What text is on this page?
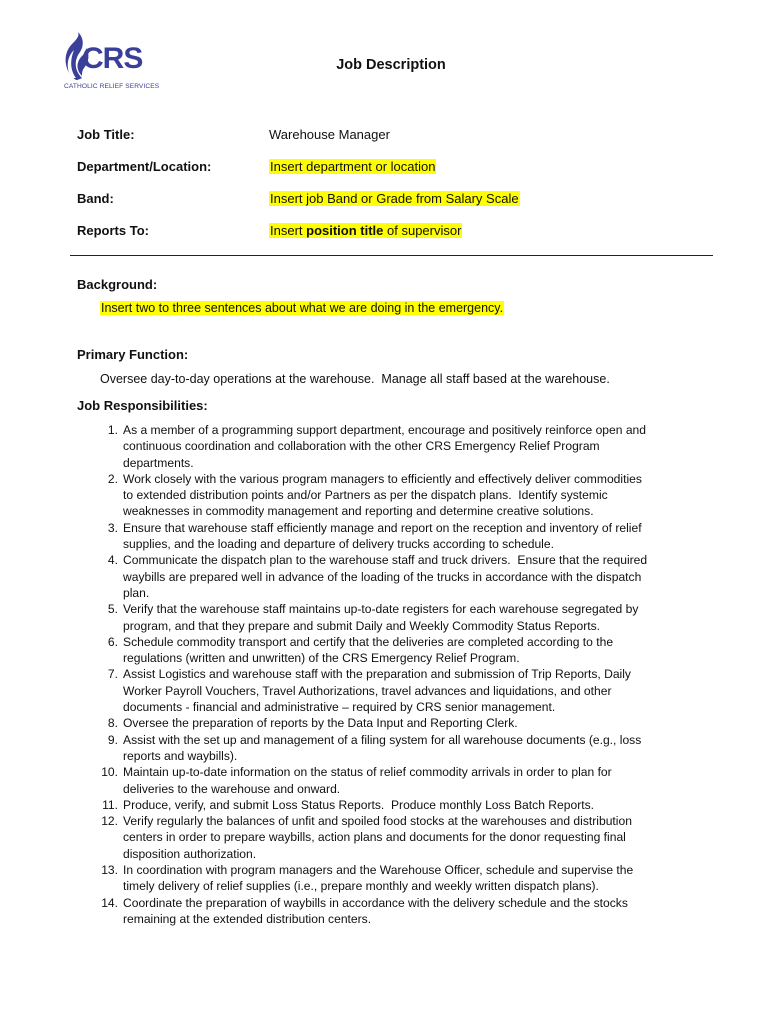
CRS
CATHOLIC RELIEF SERVICES
Job Description
Job Title:	Warehouse Manager
Department/Location:	Insert department or location
Band:	Insert job Band or Grade from Salary Scale
Reports To:	Insert position title of supervisor
Background:
Insert two to three sentences about what we are doing in the emergency.
Primary Function:
Oversee day-to-day operations at the warehouse.  Manage all staff based at the warehouse.
Job Responsibilities:
1. As a member of a programming support department, encourage and positively reinforce open and
continuous coordination and collaboration with the other CRS Emergency Relief Program
departments.
2. Work closely with the various program managers to efficiently and effectively deliver commodities
to extended distribution points and/or Partners as per the dispatch plans.  Identify systemic
weaknesses in commodity management and reporting and determine creative solutions.
3. Ensure that warehouse staff efficiently manage and report on the reception and inventory of relief
supplies, and the loading and departure of delivery trucks according to schedule.
4. Communicate the dispatch plan to the warehouse staff and truck drivers.  Ensure that the required
waybills are prepared well in advance of the loading of the trucks in accordance with the dispatch
plan.
5. Verify that the warehouse staff maintains up-to-date registers for each warehouse segregated by
program, and that they prepare and submit Daily and Weekly Commodity Status Reports.
6. Schedule commodity transport and certify that the deliveries are completed according to the
regulations (written and unwritten) of the CRS Emergency Relief Program.
7. Assist Logistics and warehouse staff with the preparation and submission of Trip Reports, Daily
Worker Payroll Vouchers, Travel Authorizations, travel advances and liquidations, and other
documents - financial and administrative – required by CRS senior management.
8. Oversee the preparation of reports by the Data Input and Reporting Clerk.
9. Assist with the set up and management of a filing system for all warehouse documents (e.g., loss
reports and waybills).
10. Maintain up-to-date information on the status of relief commodity arrivals in order to plan for
deliveries to the warehouse and onward.
11. Produce, verify, and submit Loss Status Reports.  Produce monthly Loss Batch Reports.
12. Verify regularly the balances of unfit and spoiled food stocks at the warehouses and distribution
centers in order to prepare waybills, action plans and documents for the donor requesting final
disposition authorization.
13. In coordination with program managers and the Warehouse Officer, schedule and supervise the
timely delivery of relief supplies (i.e., prepare monthly and weekly written dispatch plans).
14. Coordinate the preparation of waybills in accordance with the delivery schedule and the stocks
remaining at the extended distribution centers.
